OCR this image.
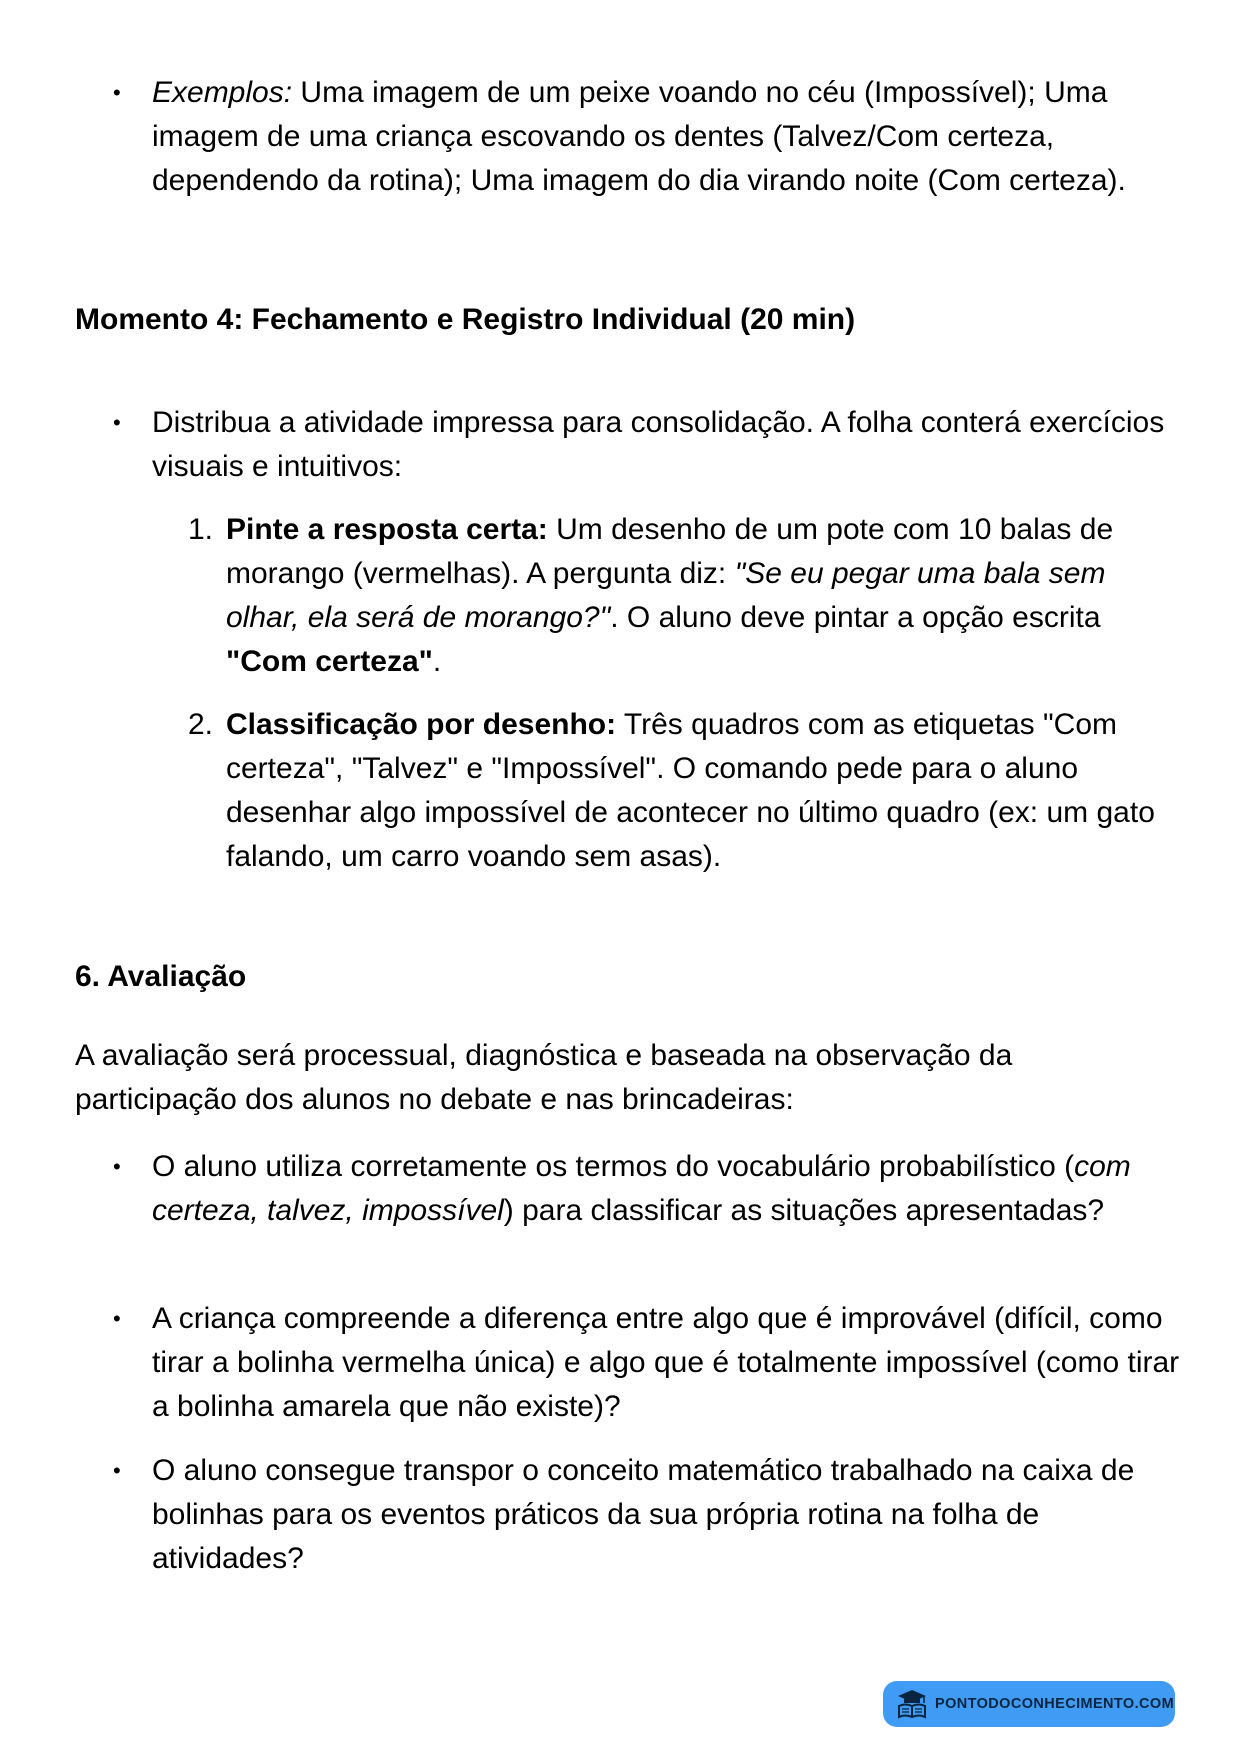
• Exemplos: Uma imagem de um peixe voando no céu (Impossível); Uma imagem de uma criança escovando os dentes (Talvez/Com certeza, dependendo da rotina); Uma imagem do dia virando noite (Com certeza).
Momento 4: Fechamento e Registro Individual (20 min)
• Distribua a atividade impressa para consolidação. A folha conterá exercícios visuais e intuitivos:
1. Pinte a resposta certa: Um desenho de um pote com 10 balas de morango (vermelhas). A pergunta diz: "Se eu pegar uma bala sem olhar, ela será de morango?". O aluno deve pintar a opção escrita "Com certeza".
2. Classificação por desenho: Três quadros com as etiquetas "Com certeza", "Talvez" e "Impossível". O comando pede para o aluno desenhar algo impossível de acontecer no último quadro (ex: um gato falando, um carro voando sem asas).
6. Avaliação
A avaliação será processual, diagnóstica e baseada na observação da participação dos alunos no debate e nas brincadeiras:
• O aluno utiliza corretamente os termos do vocabulário probabilístico (com certeza, talvez, impossível) para classificar as situações apresentadas?
• A criança compreende a diferença entre algo que é improvável (difícil, como tirar a bolinha vermelha única) e algo que é totalmente impossível (como tirar a bolinha amarela que não existe)?
• O aluno consegue transpor o conceito matemático trabalhado na caixa de bolinhas para os eventos práticos da sua própria rotina na folha de atividades?
PONTODOCONHECIMENTO.COM
